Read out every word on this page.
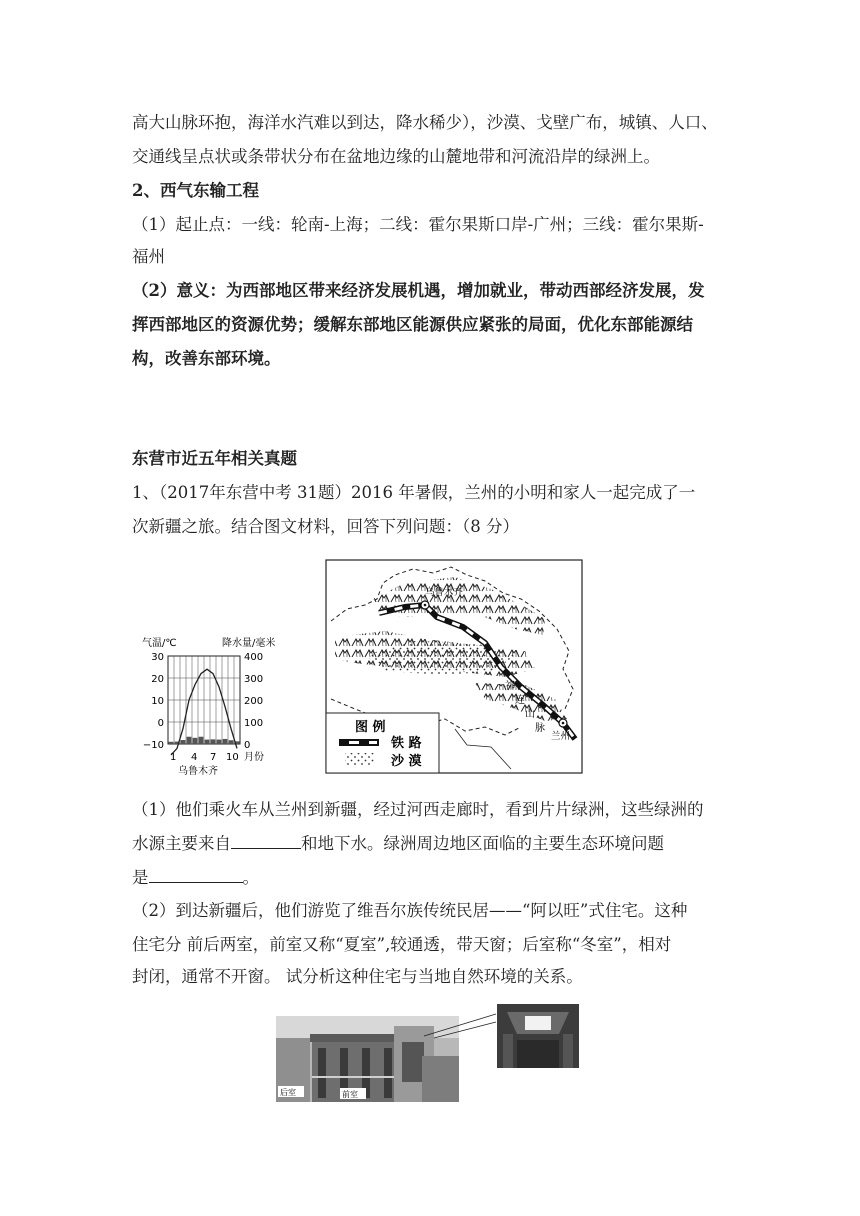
高大山脉环抱，海洋水汽难以到达，降水稀少），沙漠、戈壁广布，城镇、人口、
交通线呈点状或条带状分布在盆地边缘的山麓地带和河流沿岸的绿洲上。
2、西气东输工程
（1）起止点：一线：轮南-上海；二线：霍尔果斯口岸-广州；三线：霍尔果斯-
福州
（2）意义：为西部地区带来经济发展机遇，增加就业，带动西部经济发展，发
挥西部地区的资源优势；缓解东部地区能源供应紧张的局面，优化东部能源结
构，改善东部环境。
东营市近五年相关真题
1、（2017年东营中考 31题）2016 年暑假，兰州的小明和家人一起完成了一
次新疆之旅。结合图文材料，回答下列问题：（8 分）
（1）他们乘火车从兰州到新疆，经过河西走廊时，看到片片绿洲，这些绿洲的
水源主要来自	和地下水。绿洲周边地区面临的主要生态环境问题
是	。
（2）到达新疆后，他们游览了维吾尔族传统民居——“阿以旺”式住宅。这种
住宅分 前后两室，前室又称“夏室”,较通透，带天窗；后室称“冬室”，相对
封闭，通常不开窗。 试分析这种住宅与当地自然环境的关系。
气温/℃	降水量/毫米
30
20
10
0
−10
400
300
200
100
0
1 4 7 10 月份
乌鲁木齐
乌鲁木齐
兰州
祁
连
山
脉
图 例
铁 路
沙 漠
后室	前室
